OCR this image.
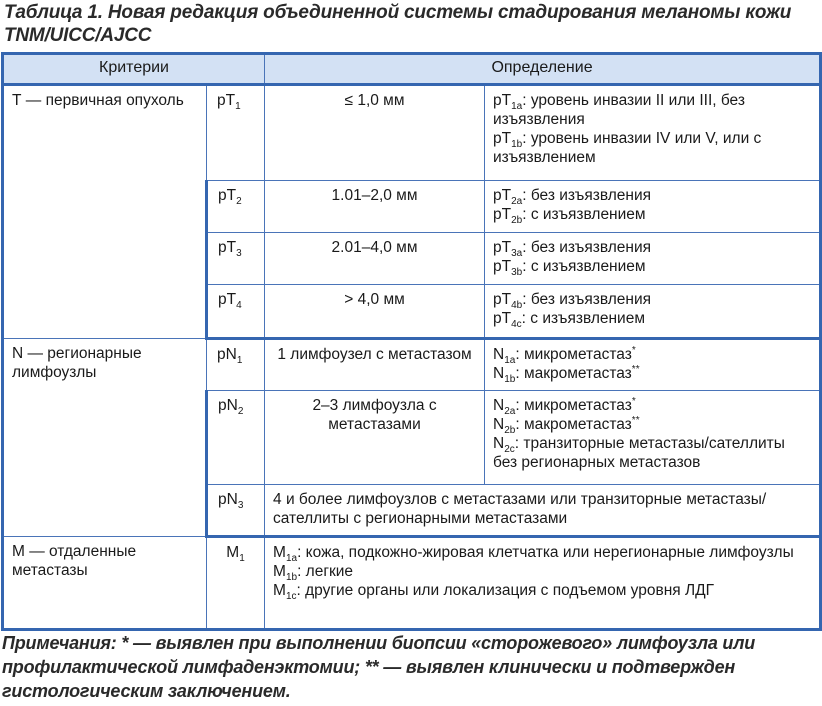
Таблица 1. Новая редакция объединенной системы стадирования меланомы кожи TNM/UICC/AJCC
Критерии		Определение	
Т — первичная опухоль	$pT_1$	≤ 1,0 мм	$pT_{1a}$: уровень инвазии II или III, без изъязвления
$pT_{1b}$: уровень инвазии IV или V, или с изъязвлением

	$pT_2$	1.01–2,0 мм	$pT_{2a}$: без изъязвления
$pT_{2b}$: с изъязвлением

	$pT_3$	2.01–4,0 мм	$pT_{3a}$: без изъязвления
$pT_{3b}$: с изъязвлением

	$pT_4$	> 4,0 мм	$pT_{4b}$: без изъязвления
$pT_{4c}$: с изъязвлением

N — регионарные лимфоузлы	$pN_1$	1 лимфоузел с метастазом	$N_{1a}$: микрометастаз*
$N_{1b}$: макрометастаз**

	$pN_2$	2–3 лимфоузла с метастазами	$N_{2a}$: микрометастаз*
$N_{2b}$: макрометастаз**
$N_{2c}$: транзиторные метастазы/сателлиты без регионарных метастазов

	$pN_3$	4 и более лимфоузлов с метастазами или транзиторные метастазы/сателлиты с регионарными метастазами	
М — отдаленные метастазы	$M_1$	$M_{1a}$: кожа, подкожно-жировая клетчатка или нерегионарные лимфоузлы
$M_{1b}$: легкие
$M_{1c}$: другие органы или локализация с подъемом уровня ЛДГ	
Примечания: * — выявлен при выполнении биопсии «сторожевого» лимфоузла или профилактической лимфаденэктомии; ** — выявлен клинически и подтвержден гистологическим заключением.
